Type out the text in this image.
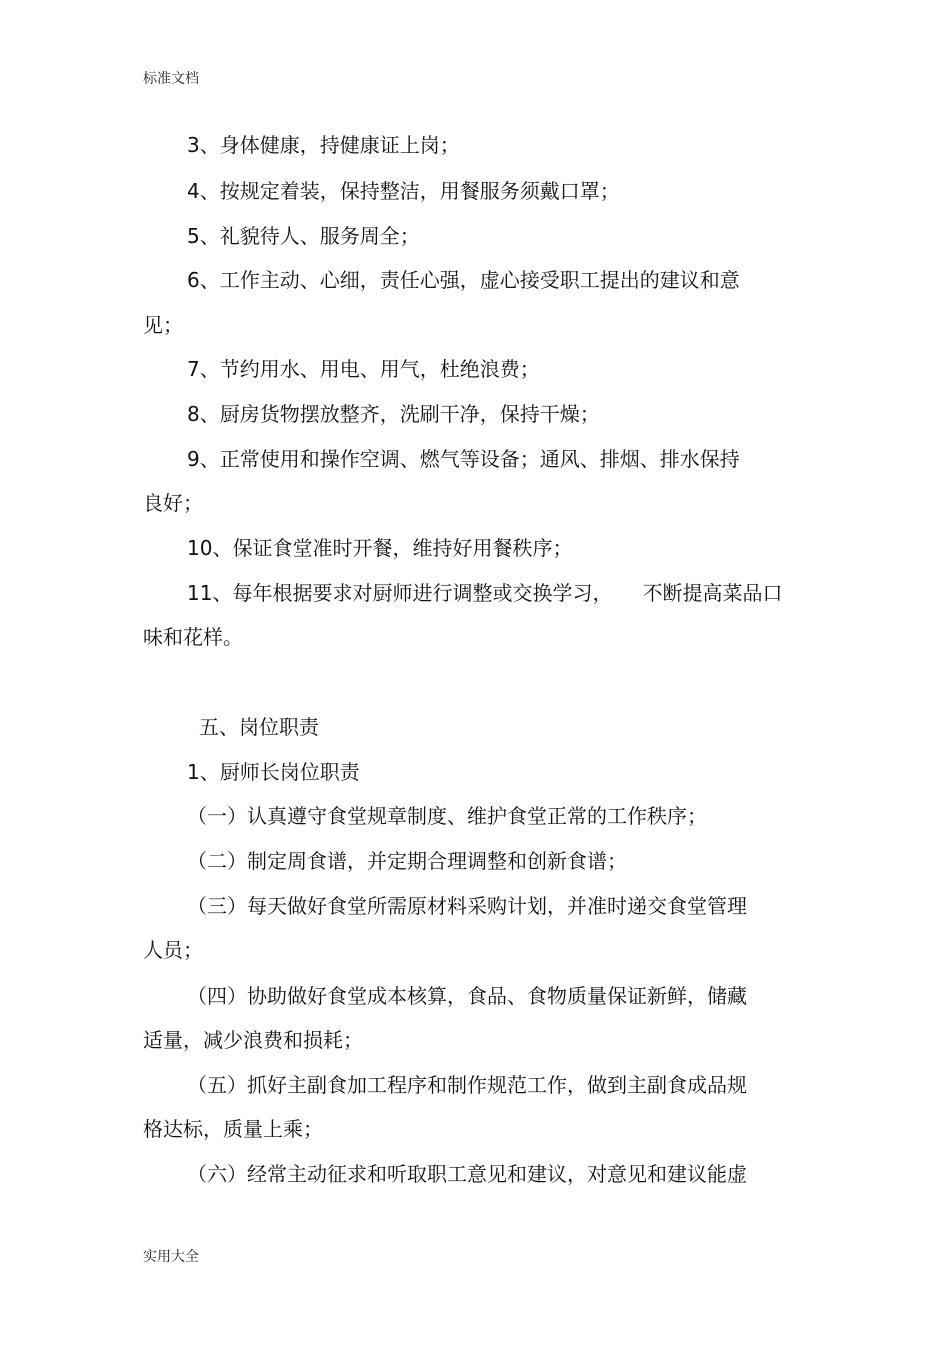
标准文档
3、身体健康，持健康证上岗；
4、按规定着装，保持整洁，用餐服务须戴口罩；
5、礼貌待人、服务周全；
6、工作主动、心细，责任心强，虚心接受职工提出的建议和意
见；
7、节约用水、用电、用气，杜绝浪费；
8、厨房货物摆放整齐，洗刷干净，保持干燥；
9、正常使用和操作空调、燃气等设备；通风、排烟、排水保持
良好；
10、保证食堂准时开餐，维持好用餐秩序；
11、每年根据要求对厨师进行调整或交换学习，　　不断提高菜品口
味和花样。
五、岗位职责
1、厨师长岗位职责
（一）认真遵守食堂规章制度、维护食堂正常的工作秩序；
（二）制定周食谱，并定期合理调整和创新食谱；
（三）每天做好食堂所需原材料采购计划，并准时递交食堂管理
人员；
（四）协助做好食堂成本核算，食品、食物质量保证新鲜，储藏
适量，减少浪费和损耗；
（五）抓好主副食加工程序和制作规范工作，做到主副食成品规
格达标，质量上乘；
（六）经常主动征求和听取职工意见和建议，对意见和建议能虚
实用大全
